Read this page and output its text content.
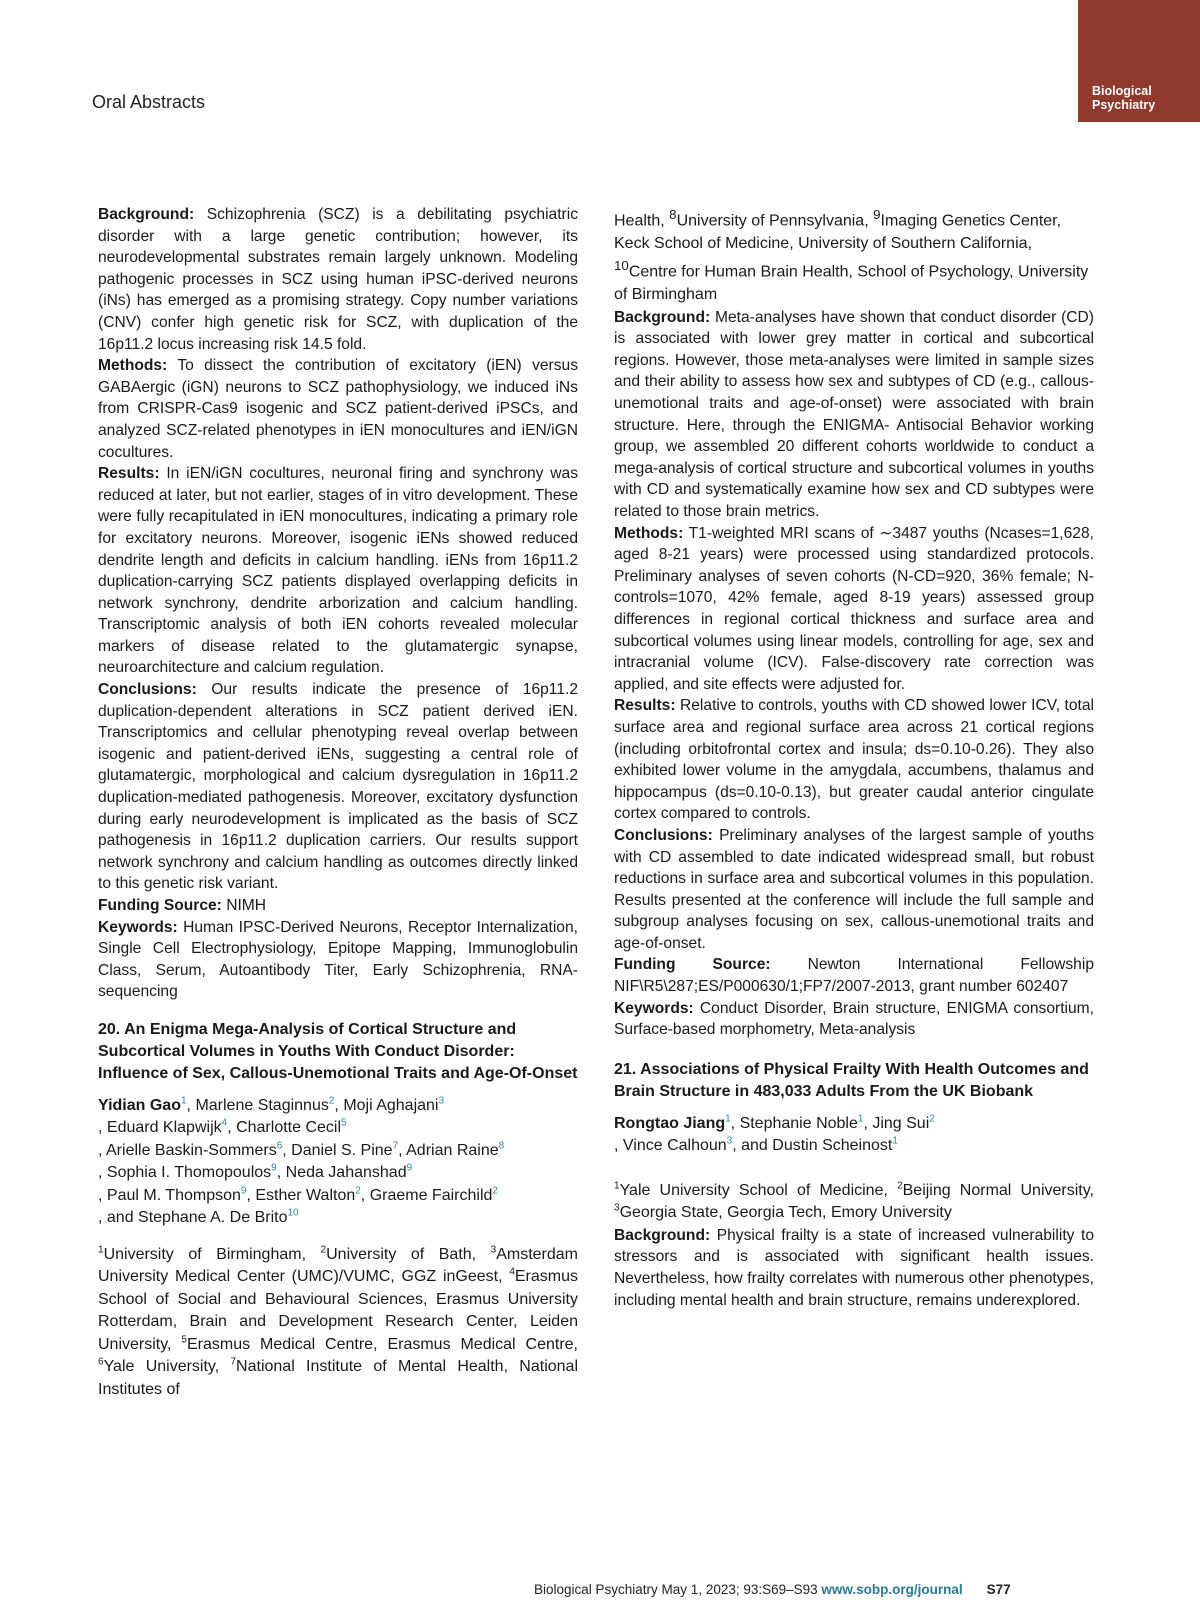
Oral Abstracts
Biological
Psychiatry

Background: Schizophrenia (SCZ) is a debilitating psychiatric disorder with a large genetic contribution; however, its neurodevelopmental substrates remain largely unknown. Modeling pathogenic processes in SCZ using human iPSC-derived neurons (iNs) has emerged as a promising strategy. Copy number variations (CNV) confer high genetic risk for SCZ, with duplication of the 16p11.2 locus increasing risk 14.5 fold.

Methods: To dissect the contribution of excitatory (iEN) versus GABAergic (iGN) neurons to SCZ pathophysiology, we induced iNs from CRISPR-Cas9 isogenic and SCZ patient-derived iPSCs, and analyzed SCZ-related phenotypes in iEN monocultures and iEN/iGN cocultures.

Results: In iEN/iGN cocultures, neuronal firing and synchrony was reduced at later, but not earlier, stages of in vitro development. These were fully recapitulated in iEN monocultures, indicating a primary role for excitatory neurons. Moreover, isogenic iENs showed reduced dendrite length and deficits in calcium handling. iENs from 16p11.2 duplication-carrying SCZ patients displayed overlapping deficits in network synchrony, dendrite arborization and calcium handling. Transcriptomic analysis of both iEN cohorts revealed molecular markers of disease related to the glutamatergic synapse, neuroarchitecture and calcium regulation.

Conclusions: Our results indicate the presence of 16p11.2 duplication-dependent alterations in SCZ patient derived iEN. Transcriptomics and cellular phenotyping reveal overlap between isogenic and patient-derived iENs, suggesting a central role of glutamatergic, morphological and calcium dysregulation in 16p11.2 duplication-mediated pathogenesis. Moreover, excitatory dysfunction during early neurodevelopment is implicated as the basis of SCZ pathogenesis in 16p11.2 duplication carriers. Our results support network synchrony and calcium handling as outcomes directly linked to this genetic risk variant.

Funding Source: NIMH

Keywords: Human IPSC-Derived Neurons, Receptor Internalization, Single Cell Electrophysiology, Epitope Mapping, Immunoglobulin Class, Serum, Autoantibody Titer, Early Schizophrenia, RNA-sequencing

20. An Enigma Mega-Analysis of Cortical Structure and Subcortical Volumes in Youths With Conduct Disorder: Influence of Sex, Callous-Unemotional Traits and Age-Of-Onset
Yidian Gao$^1$, Marlene Staginnus$^2$, Moji Aghajani$^3$
, Eduard Klapwijk$^4$, Charlotte Cecil$^5$
, Arielle Baskin-Sommers$^6$, Daniel S. Pine$^7$, Adrian Raine$^8$
, Sophia I. Thomopoulos$^9$, Neda Jahanshad$^9$
, Paul M. Thompson$^9$, Esther Walton$^2$, Graeme Fairchild$^2$
, and Stephane A. De Brito$^{10}$

$^1$University of Birmingham, $^2$University of Bath, $^3$Amsterdam University Medical Center (UMC)/VUMC, GGZ inGeest, $^4$Erasmus School of Social and Behavioural Sciences, Erasmus University Rotterdam, Brain and Development Research Center, Leiden University, $^5$Erasmus Medical Centre, Erasmus Medical Centre, $^6$Yale University, $^7$National Institute of Mental Health, National Institutes of

Health, $^8$University of Pennsylvania, $^9$Imaging Genetics Center, Keck School of Medicine, University of Southern California, $^{10}$Centre for Human Brain Health, School of Psychology, University of Birmingham

Background: Meta-analyses have shown that conduct disorder (CD) is associated with lower grey matter in cortical and subcortical regions. However, those meta-analyses were limited in sample sizes and their ability to assess how sex and subtypes of CD (e.g., callous-unemotional traits and age-of-onset) were associated with brain structure. Here, through the ENIGMA- Antisocial Behavior working group, we assembled 20 different cohorts worldwide to conduct a mega-analysis of cortical structure and subcortical volumes in youths with CD and systematically examine how sex and CD subtypes were related to those brain metrics.

Methods: T1-weighted MRI scans of ∼3487 youths (Ncases=1,628, aged 8-21 years) were processed using standardized protocols. Preliminary analyses of seven cohorts (N-CD=920, 36% female; N-controls=1070, 42% female, aged 8-19 years) assessed group differences in regional cortical thickness and surface area and subcortical volumes using linear models, controlling for age, sex and intracranial volume (ICV). False-discovery rate correction was applied, and site effects were adjusted for.

Results: Relative to controls, youths with CD showed lower ICV, total surface area and regional surface area across 21 cortical regions (including orbitofrontal cortex and insula; ds=0.10-0.26). They also exhibited lower volume in the amygdala, accumbens, thalamus and hippocampus (ds=0.10-0.13), but greater caudal anterior cingulate cortex compared to controls.

Conclusions: Preliminary analyses of the largest sample of youths with CD assembled to date indicated widespread small, but robust reductions in surface area and subcortical volumes in this population. Results presented at the conference will include the full sample and subgroup analyses focusing on sex, callous-unemotional traits and age-of-onset.

Funding Source: Newton International Fellowship NIF\R5\287;ES/P000630/1;FP7/2007-2013, grant number 602407

Keywords: Conduct Disorder, Brain structure, ENIGMA consortium, Surface-based morphometry, Meta-analysis

21. Associations of Physical Frailty With Health Outcomes and Brain Structure in 483,033 Adults From the UK Biobank
Rongtao Jiang$^1$, Stephanie Noble$^1$, Jing Sui$^2$
, Vince Calhoun$^3$, and Dustin Scheinost$^1$

$^1$Yale University School of Medicine, $^2$Beijing Normal University, $^3$Georgia State, Georgia Tech, Emory University

Background: Physical frailty is a state of increased vulnerability to stressors and is associated with significant health issues. Nevertheless, how frailty correlates with numerous other phenotypes, including mental health and brain structure, remains underexplored.

Biological Psychiatry May 1, 2023; 93:S69–S93 www.sobp.org/journal S77
